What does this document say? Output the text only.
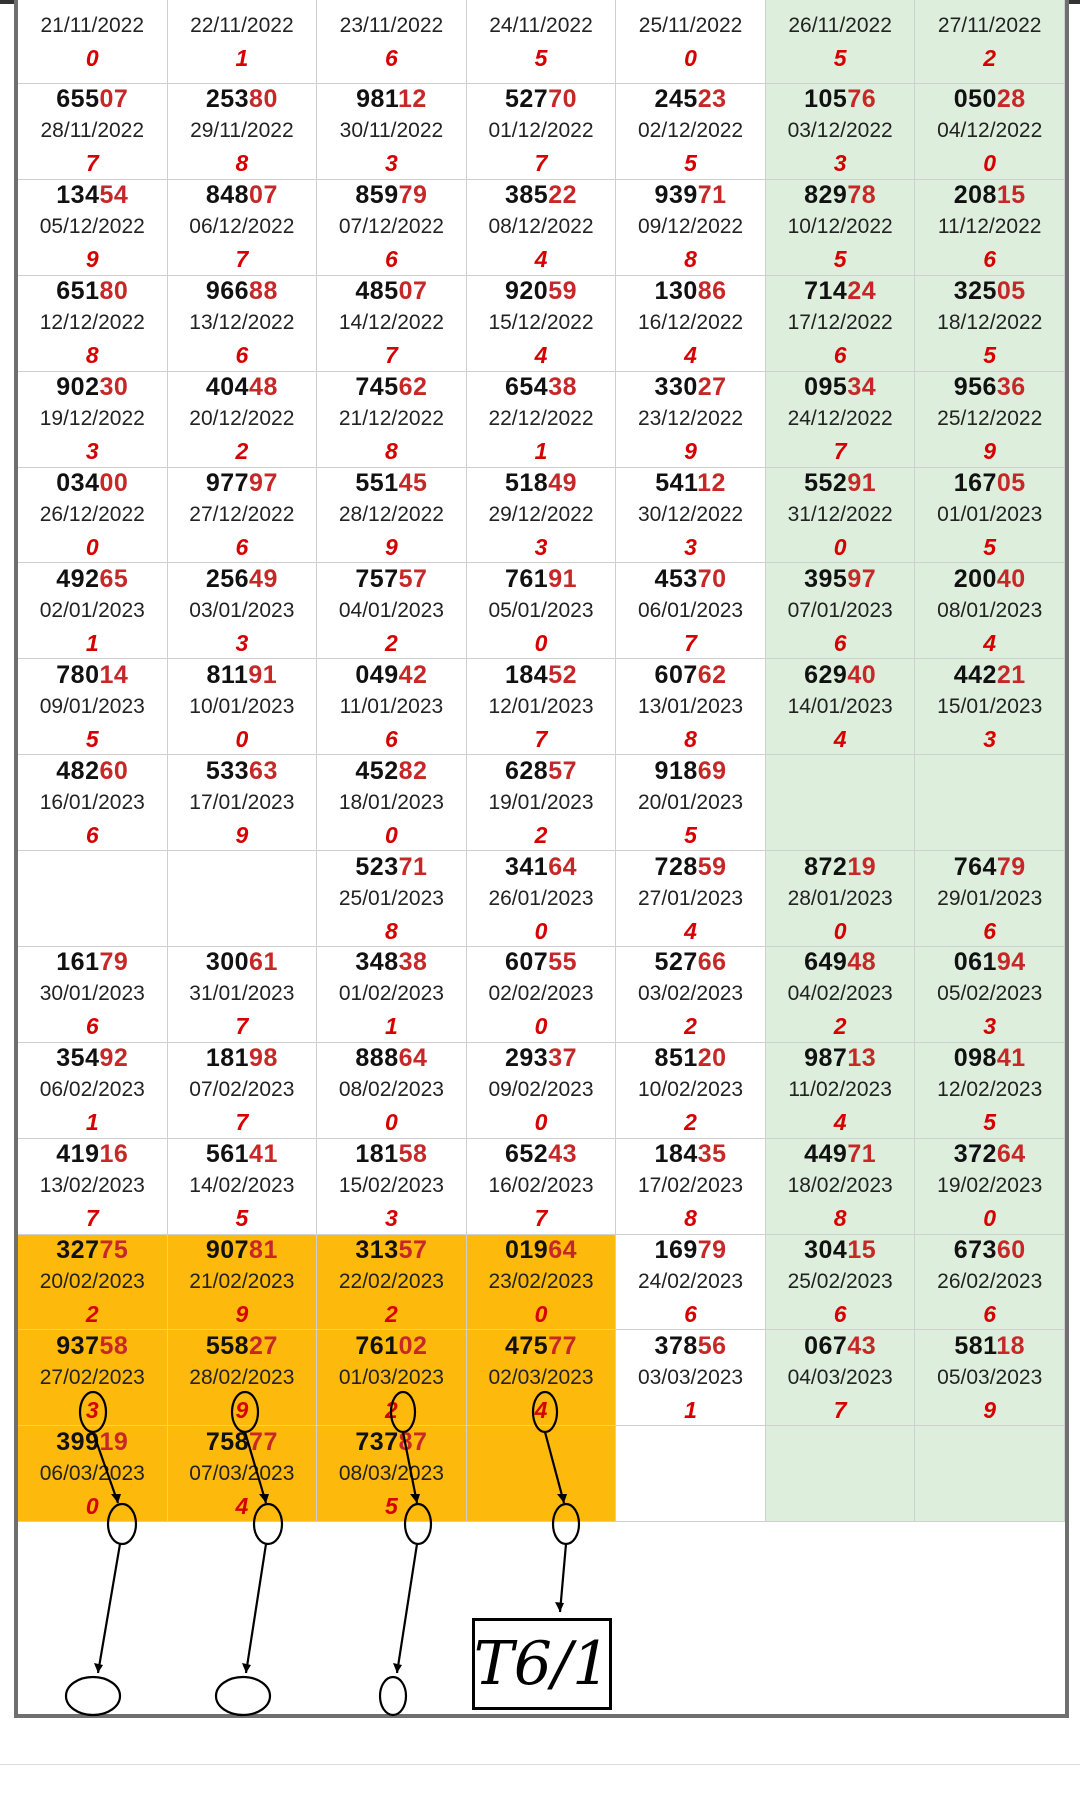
21/11/2022
0
22/11/2022
1
23/11/2022
6
24/11/2022
5
25/11/2022
0
26/11/2022
5
27/11/2022
2
65507
28/11/2022
7
25380
29/11/2022
8
98112
30/11/2022
3
52770
01/12/2022
7
24523
02/12/2022
5
10576
03/12/2022
3
05028
04/12/2022
0
13454
05/12/2022
9
84807
06/12/2022
7
85979
07/12/2022
6
38522
08/12/2022
4
93971
09/12/2022
8
82978
10/12/2022
5
20815
11/12/2022
6
65180
12/12/2022
8
96688
13/12/2022
6
48507
14/12/2022
7
92059
15/12/2022
4
13086
16/12/2022
4
71424
17/12/2022
6
32505
18/12/2022
5
90230
19/12/2022
3
40448
20/12/2022
2
74562
21/12/2022
8
65438
22/12/2022
1
33027
23/12/2022
9
09534
24/12/2022
7
95636
25/12/2022
9
03400
26/12/2022
0
97797
27/12/2022
6
55145
28/12/2022
9
51849
29/12/2022
3
54112
30/12/2022
3
55291
31/12/2022
0
16705
01/01/2023
5
49265
02/01/2023
1
25649
03/01/2023
3
75757
04/01/2023
2
76191
05/01/2023
0
45370
06/01/2023
7
39597
07/01/2023
6
20040
08/01/2023
4
78014
09/01/2023
5
81191
10/01/2023
0
04942
11/01/2023
6
18452
12/01/2023
7
60762
13/01/2023
8
62940
14/01/2023
4
44221
15/01/2023
3
48260
16/01/2023
6
53363
17/01/2023
9
45282
18/01/2023
0
62857
19/01/2023
2
91869
20/01/2023
5
52371
25/01/2023
8
34164
26/01/2023
0
72859
27/01/2023
4
87219
28/01/2023
0
76479
29/01/2023
6
16179
30/01/2023
6
30061
31/01/2023
7
34838
01/02/2023
1
60755
02/02/2023
0
52766
03/02/2023
2
64948
04/02/2023
2
06194
05/02/2023
3
35492
06/02/2023
1
18198
07/02/2023
7
88864
08/02/2023
0
29337
09/02/2023
0
85120
10/02/2023
2
98713
11/02/2023
4
09841
12/02/2023
5
41916
13/02/2023
7
56141
14/02/2023
5
18158
15/02/2023
3
65243
16/02/2023
7
18435
17/02/2023
8
44971
18/02/2023
8
37264
19/02/2023
0
32775
20/02/2023
2
90781
21/02/2023
9
31357
22/02/2023
2
01964
23/02/2023
0
16979
24/02/2023
6
30415
25/02/2023
6
67360
26/02/2023
6
93758
27/02/2023
3
55827
28/02/2023
9
76102
01/03/2023
2
47577
02/03/2023
4
37856
03/03/2023
1
06743
04/03/2023
7
58118
05/03/2023
9
39919
06/03/2023
0
75877
07/03/2023
4
73787
08/03/2023
5
T6/1
